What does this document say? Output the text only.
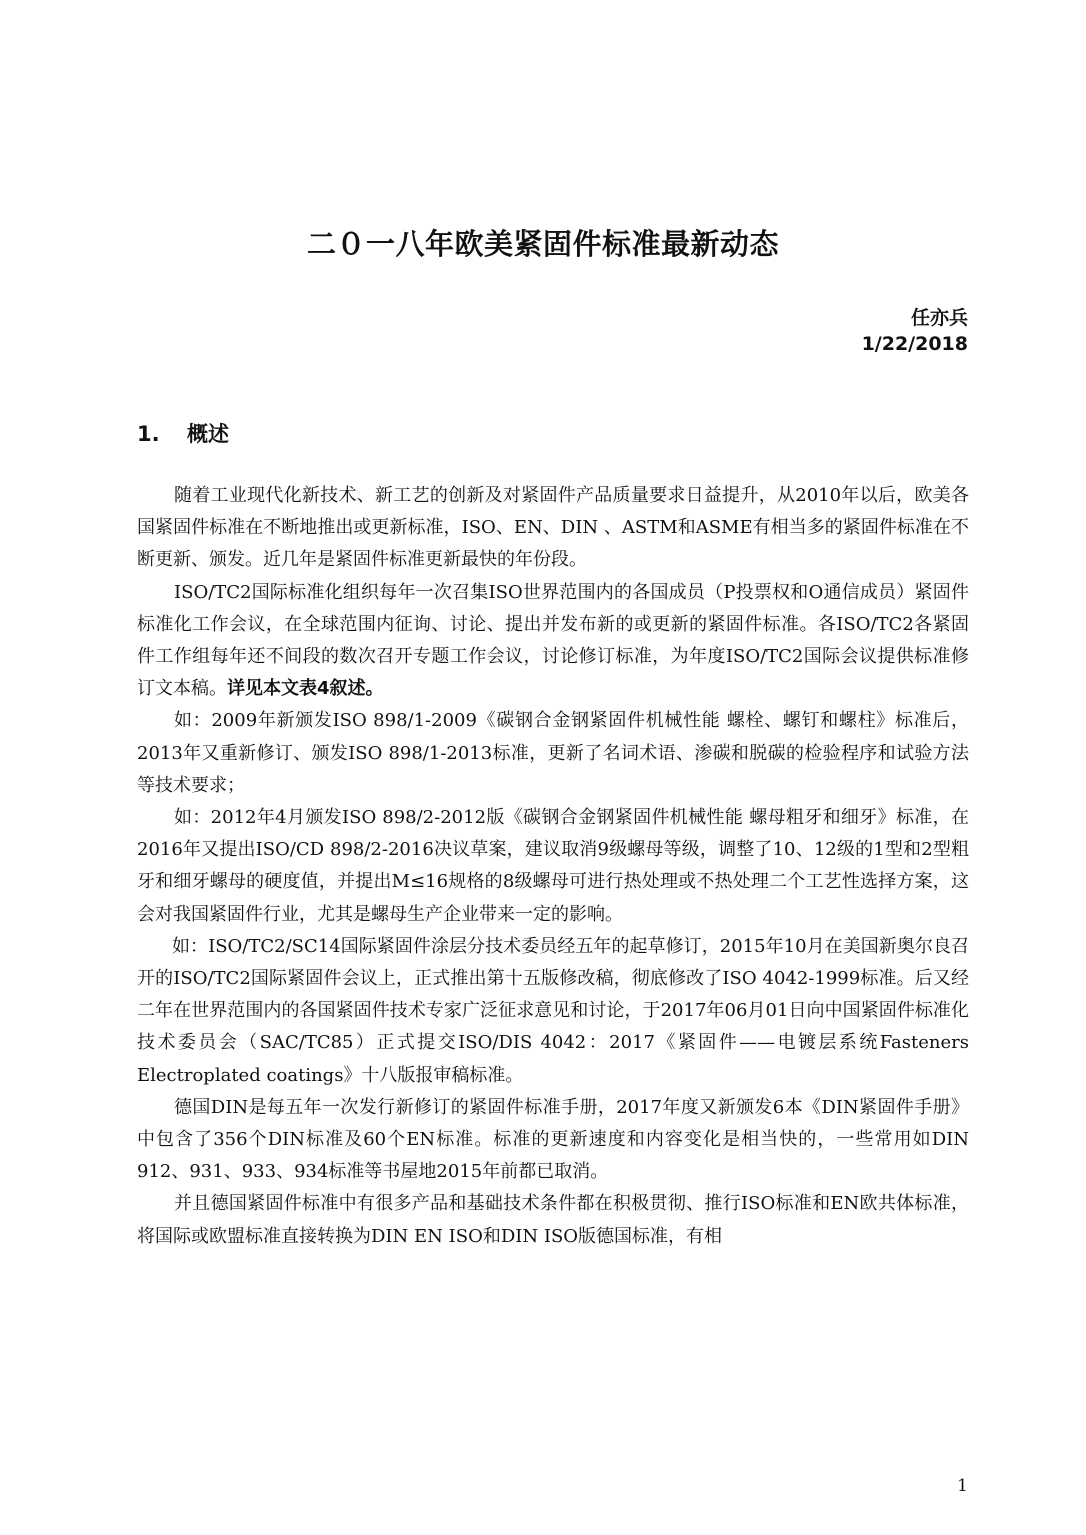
二０一八年欧美紧固件标准最新动态
任亦兵
1/22/2018
1. 概述

随着工业现代化新技术、新工艺的创新及对紧固件产品质量要求日益提升，从2010年以后，欧美各国紧固件标准在不断地推出或更新标准，ISO、EN、DIN 、ASTM和ASME有相当多的紧固件标准在不断更新、颁发。近几年是紧固件标准更新最快的年份段。

ISO/TC2国际标准化组织每年一次召集ISO世界范围内的各国成员（P投票权和O通信成员）紧固件标准化工作会议，在全球范围内征询、讨论、提出并发布新的或更新的紧固件标准。各ISO/TC2各紧固件工作组每年还不间段的数次召开专题工作会议，讨论修订标准，为年度ISO/TC2国际会议提供标准修订文本稿。详见本文表4叙述。

如：2009年新颁发ISO 898/1-2009《碳钢合金钢紧固件机械性能 螺栓、螺钉和螺柱》标准后，2013年又重新修订、颁发ISO 898/1-2013标准，更新了名词术语、渗碳和脱碳的检验程序和试验方法等技术要求；

如：2012年4月颁发ISO 898/2-2012版《碳钢合金钢紧固件机械性能 螺母粗牙和细牙》标准，在2016年又提出ISO/CD 898/2-2016决议草案，建议取消9级螺母等级，调整了10、12级的1型和2型粗牙和细牙螺母的硬度值，并提出M≤16规格的8级螺母可进行热处理或不热处理二个工艺性选择方案，这会对我国紧固件行业，尤其是螺母生产企业带来一定的影响。

如：ISO/TC2/SC14国际紧固件涂层分技术委员经五年的起草修订，2015年10月在美国新奥尔良召开的ISO/TC2国际紧固件会议上，正式推出第十五版修改稿，彻底修改了ISO 4042-1999标准。后又经二年在世界范围内的各国紧固件技术专家广泛征求意见和讨论，于2017年06月01日向中国紧固件标准化技术委员会（SAC/TC85）正式提交ISO/DIS 4042：2017《紧固件——电镀层系统Fasteners Electroplated coatings》十八版报审稿标准。

德国DIN是每五年一次发行新修订的紧固件标准手册，2017年度又新颁发6本《DIN紧固件手册》中包含了356个DIN标准及60个EN标准。标准的更新速度和内容变化是相当快的，一些常用如DIN 912、931、933、934标准等书屋地2015年前都已取消。

并且德国紧固件标准中有很多产品和基础技术条件都在积极贯彻、推行ISO标准和EN欧共体标准，将国际或欧盟标准直接转换为DIN EN ISO和DIN ISO版德国标准，有相

1
